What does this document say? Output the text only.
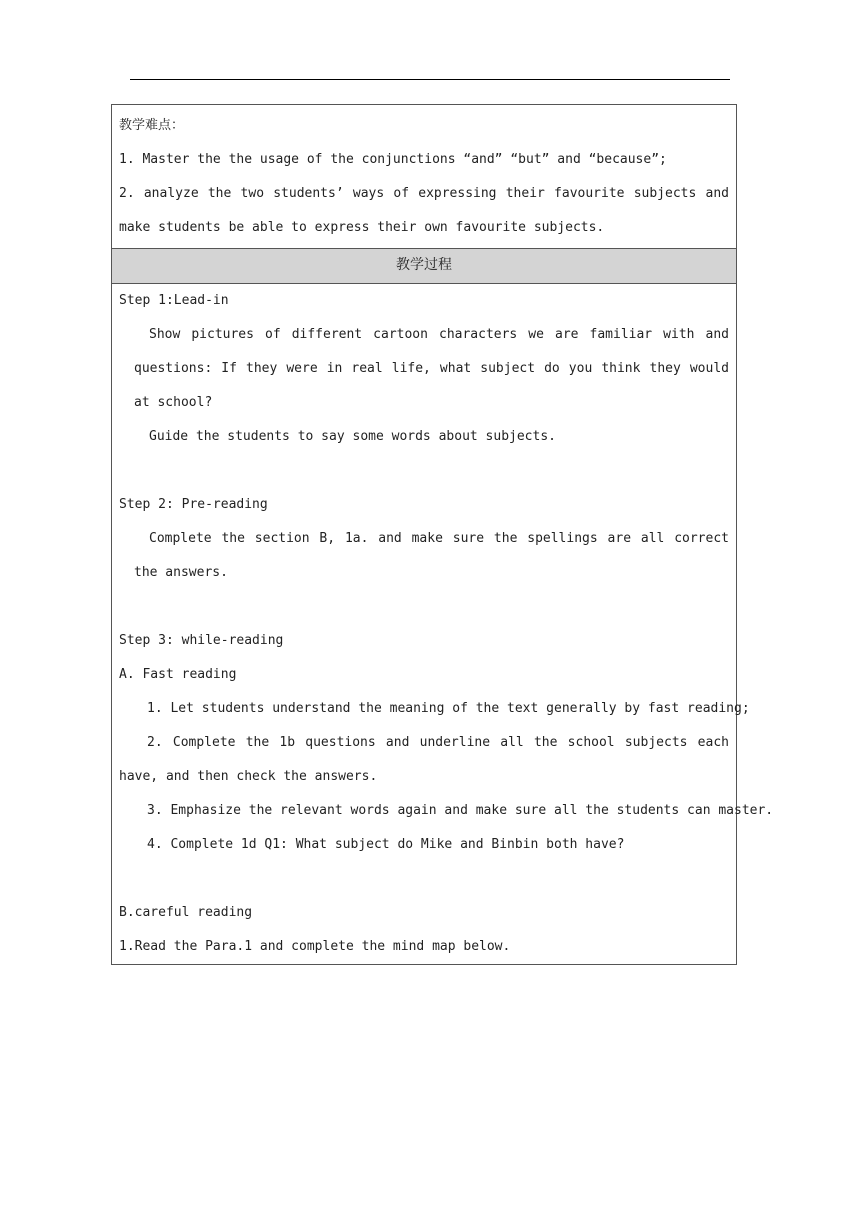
教学难点：
1. Master the the usage of the conjunctions “and” “but” and “because”;
2. analyze the two students’ ways of expressing their favourite subjects and
make students be able to express their own favourite subjects.
教学过程
Step 1:Lead-in
Show pictures of different cartoon characters we are familiar with and
questions: If they were in real life, what subject do you think they would
at school?
Guide the students to say some words about subjects.
Step 2: Pre-reading
Complete the section B, 1a. and make sure the spellings are all correct
the answers.
Step 3: while-reading
A. Fast reading
1. Let students understand the meaning of the text generally by fast reading;
2. Complete the 1b questions and underline all the school subjects each
have, and then check the answers.
3. Emphasize the relevant words again and make sure all the students can master.
4. Complete 1d Q1: What subject do Mike and Binbin both have?
B.careful reading
1.Read the Para.1 and complete the mind map below.
